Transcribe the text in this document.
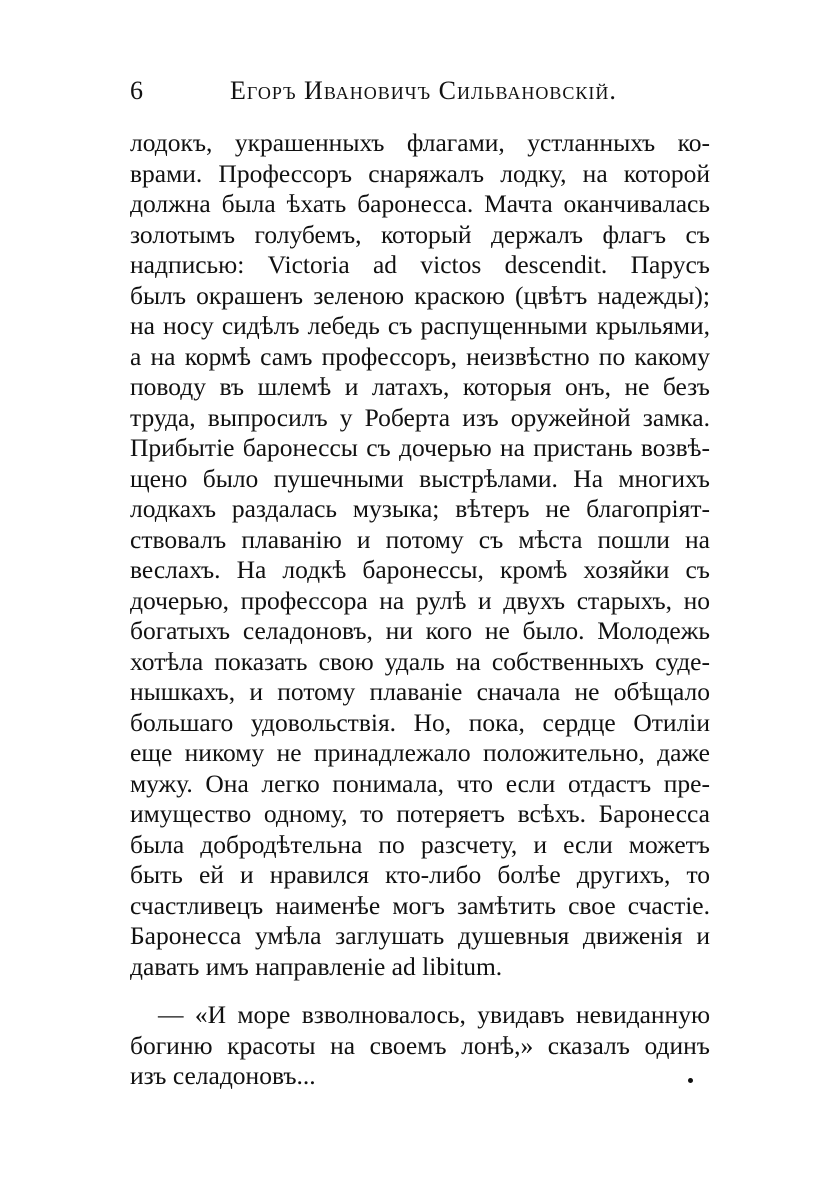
6	Егоръ Ивановичъ Сильвановскій.
лодокъ, украшенныхъ флагами, устланныхъ ко-
врами. Профессоръ снаряжалъ лодку, на которой
должна была ѣхать баронесса. Мачта оканчивалась
золотымъ голубемъ, который держалъ флагъ съ
надписью: Victoria ad victos descendit. Парусъ
былъ окрашенъ зеленою краскою (цвѣтъ надежды);
на носу сидѣлъ лебедь съ распущенными крыльями,
а на кормѣ самъ профессоръ, неизвѣстно по какому
поводу въ шлемѣ и латахъ, которыя онъ, не безъ
труда, выпросилъ у Роберта изъ оружейной замка.
Прибытіе баронессы съ дочерью на пристань возвѣ-
щено было пушечными выстрѣлами. На многихъ
лодкахъ раздалась музыка; вѣтеръ не благопріят-
ствовалъ плаванію и потому съ мѣста пошли на
веслахъ. На лодкѣ баронессы, кромѣ хозяйки съ
дочерью, профессора на рулѣ и двухъ старыхъ, но
богатыхъ селадоновъ, ни кого не было. Молодежь
хотѣла показать свою удаль на собственныхъ суде-
нышкахъ, и потому плаваніе сначала не обѣщало
большаго удовольствія. Но, пока, сердце Отиліи
еще никому не принадлежало положительно, даже
мужу. Она легко понимала, что если отдастъ пре-
имущество одному, то потеряетъ всѣхъ. Баронесса
была добродѣтельна по разсчету, и если можетъ
быть ей и нравился кто-либо болѣе другихъ, то
счастливецъ наименѣе могъ замѣтить свое счастіе.
Баронесса умѣла заглушать душевныя движенія и
давать имъ направленіе ad libitum.
— «И море взволновалось, увидавъ невиданную
богиню красоты на своемъ лонѣ,» сказалъ одинъ
изъ селадоновъ...
